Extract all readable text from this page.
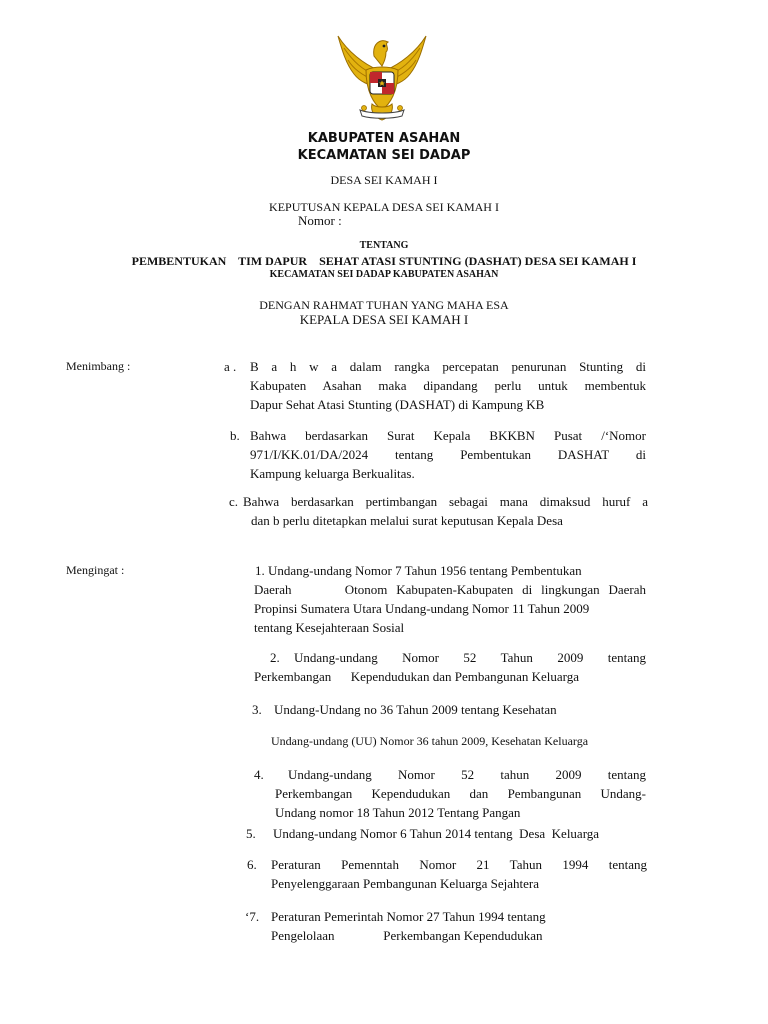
KABUPATEN ASAHAN
KECAMATAN SEI DADAP
DESA SEI KAMAH I
KEPUTUSAN KEPALA DESA SEI KAMAH I
Nomor :
TENTANG
PEMBENTUKAN    TIM DAPUR    SEHAT ATASI STUNTING (DASHAT) DESA SEI KAMAH I
KECAMATAN SEI DADAP KABUPATEN ASAHAN
DENGAN RAHMAT TUHAN YANG MAHA ESA
KEPALA DESA SEI KAMAH I
Menimbang :	a . B a h w a dalam rangka percepatan penurunan Stunting di
Kabupaten Asahan maka dipandang perlu untuk membentuk
Dapur Sehat Atasi Stunting (DASHAT) di Kampung KB
b. Bahwa berdasarkan Surat Kepala BKKBN Pusat /‘Nomor
971/I/KK.01/DA/2024 tentang Pembentukan DASHAT di
Kampung keluarga Berkualitas.
c. Bahwa berdasarkan pertimbangan sebagai mana dimaksud huruf a
dan b perlu ditetapkan melalui surat keputusan Kepala Desa
Mengingat :	1. Undang-undang Nomor 7 Tahun 1956 tentang Pembentukan
Daerah      Otonom Kabupaten-Kabupaten di lingkungan Daerah
Propinsi Sumatera Utara Undang-undang Nomor 11 Tahun 2009
tentang Kesejahteraan Sosial
2. Undang-undang Nomor 52 Tahun 2009 tentang
Perkembangan      Kependudukan dan Pembangunan Keluarga
3. Undang-Undang no 36 Tahun 2009 tentang Kesehatan
Undang-undang (UU) Nomor 36 tahun 2009, Kesehatan Keluarga
4. Undang-undang Nomor 52 tahun 2009 tentang
Perkembangan Kependudukan dan Pembangunan Undang-
Undang nomor 18 Tahun 2012 Tentang Pangan
5. Undang-undang Nomor 6 Tahun 2014 tentang  Desa  Keluarga
6. Peraturan  Pemenntah  Nomor  21  Tahun  1994  tentang
Penyelenggaraan Pembangunan Keluarga Sejahtera
‘7. Peraturan Pemerintah Nomor 27 Tahun 1994 tentang
Pengelolaan               Perkembangan Kependudukan
